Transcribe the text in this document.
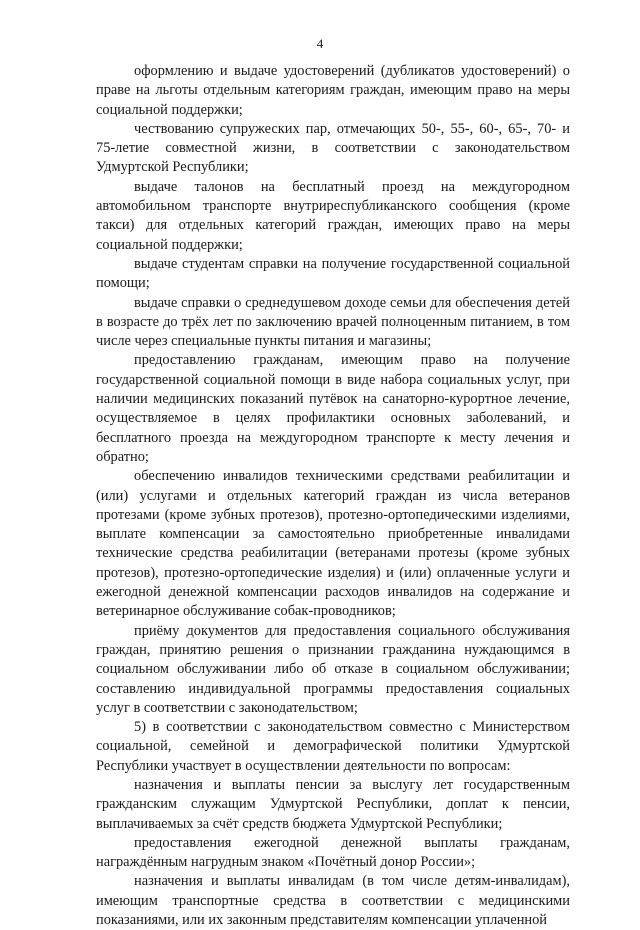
4

оформлению и выдаче удостоверений (дубликатов удостоверений) о праве на льготы отдельным категориям граждан, имеющим право на меры социальной поддержки;

чествованию супружеских пар, отмечающих 50-, 55-, 60-, 65-, 70- и 75-летие совместной жизни, в соответствии с законодательством Удмуртской Республики;

выдаче талонов на бесплатный проезд на междугородном автомобильном транспорте внутриреспубликанского сообщения (кроме такси) для отдельных категорий граждан, имеющих право на меры социальной поддержки;

выдаче студентам справки на получение государственной социальной помощи;

выдаче справки о среднедушевом доходе семьи для обеспечения детей в возрасте до трёх лет по заключению врачей полноценным питанием, в том числе через специальные пункты питания и магазины;

предоставлению гражданам, имеющим право на получение государственной социальной помощи в виде набора социальных услуг, при наличии медицинских показаний путёвок на санаторно-курортное лечение, осуществляемое в целях профилактики основных заболеваний, и бесплатного проезда на междугородном транспорте к месту лечения и обратно;

обеспечению инвалидов техническими средствами реабилитации и (или) услугами и отдельных категорий граждан из числа ветеранов протезами (кроме зубных протезов), протезно-ортопедическими изделиями, выплате компенсации за самостоятельно приобретенные инвалидами технические средства реабилитации (ветеранами протезы (кроме зубных протезов), протезно-ортопедические изделия) и (или) оплаченные услуги и ежегодной денежной компенсации расходов инвалидов на содержание и ветеринарное обслуживание собак-проводников;

приёму документов для предоставления социального обслуживания граждан, принятию решения о признании гражданина нуждающимся в социальном обслуживании либо об отказе в социальном обслуживании; составлению индивидуальной программы предоставления социальных услуг в соответствии с законодательством;

5) в соответствии с законодательством совместно с Министерством социальной, семейной и демографической политики Удмуртской Республики участвует в осуществлении деятельности по вопросам:

назначения и выплаты пенсии за выслугу лет государственным гражданским служащим Удмуртской Республики, доплат к пенсии, выплачиваемых за счёт средств бюджета Удмуртской Республики;

предоставления ежегодной денежной выплаты гражданам, награждённым нагрудным знаком «Почётный донор России»;

назначения и выплаты инвалидам (в том числе детям-инвалидам), имеющим транспортные средства в соответствии с медицинскими показаниями, или их законным представителям компенсации уплаченной
